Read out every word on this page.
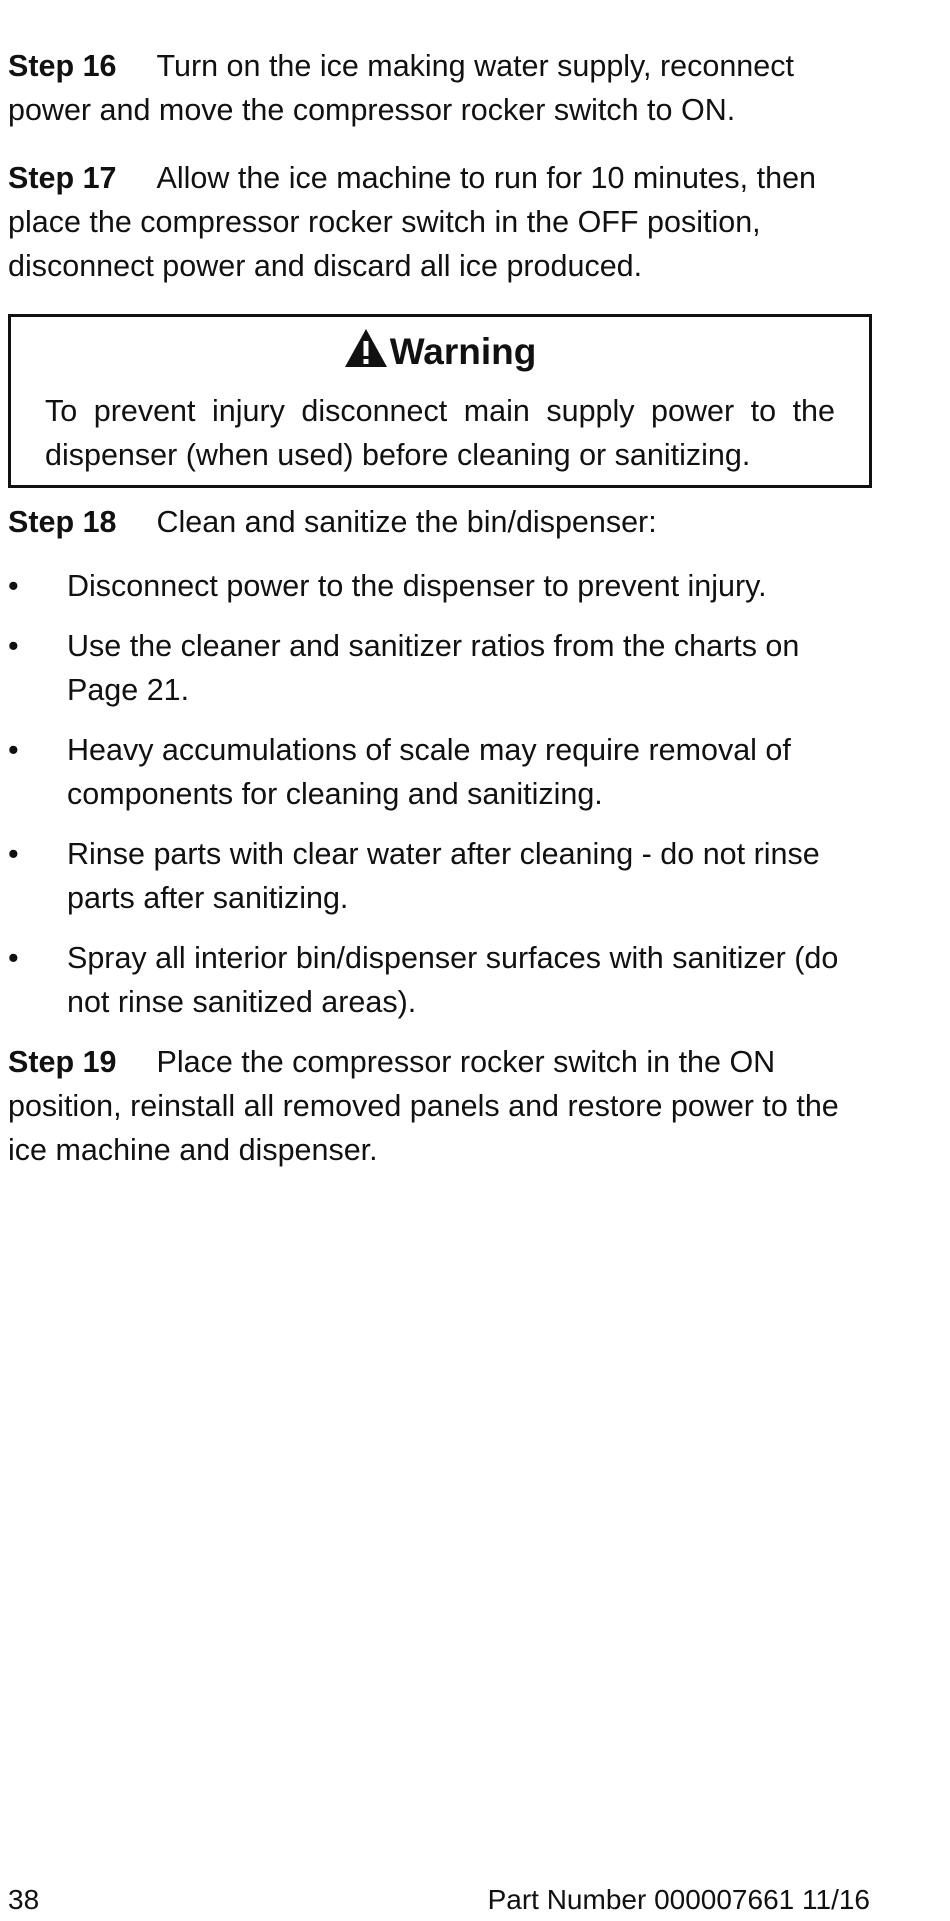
Step 16 Turn on the ice making water supply, reconnect power and move the compressor rocker switch to ON.

Step 17 Allow the ice machine to run for 10 minutes, then place the compressor rocker switch in the OFF position, disconnect power and discard all ice produced.

Warning

To prevent injury disconnect main supply power to the dispenser (when used) before cleaning or sanitizing.

Step 18 Clean and sanitize the bin/dispenser:

•	Disconnect power to the dispenser to prevent injury.
•	Use the cleaner and sanitizer ratios from the charts on Page 21.
•	Heavy accumulations of scale may require removal of components for cleaning and sanitizing.
•	Rinse parts with clear water after cleaning - do not rinse parts after sanitizing.
•	Spray all interior bin/dispenser surfaces with sanitizer (do not rinse sanitized areas).

Step 19 Place the compressor rocker switch in the ON position, reinstall all removed panels and restore power to the ice machine and dispenser.

38	Part Number 000007661 11/16
